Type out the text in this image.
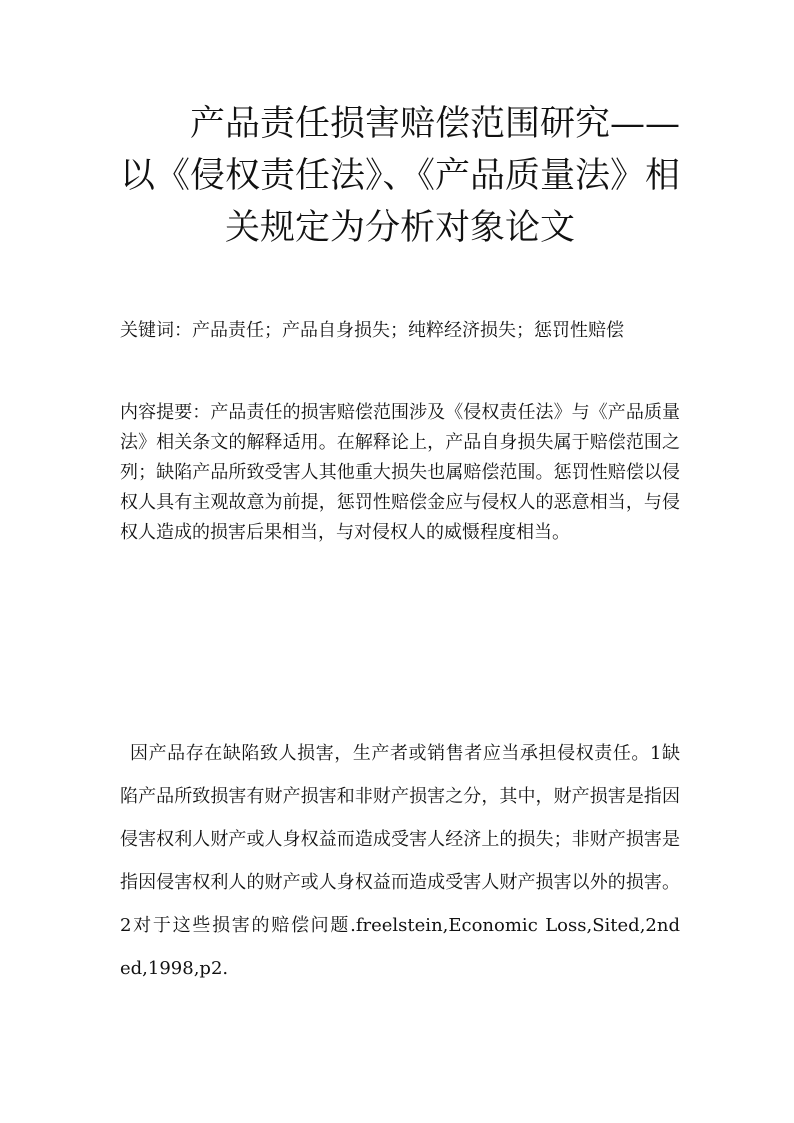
　　产品责任损害赔偿范围研究——以《侵权责任法》、《产品质量法》相关规定为分析对象论文

关键词：产品责任；产品自身损失；纯粹经济损失；惩罚性赔偿

内容提要：产品责任的损害赔偿范围涉及《侵权责任法》与《产品质量法》相关条文的解释适用。在解释论上，产品自身损失属于赔偿范围之列；缺陷产品所致受害人其他重大损失也属赔偿范围。惩罚性赔偿以侵权人具有主观故意为前提，惩罚性赔偿金应与侵权人的恶意相当，与侵权人造成的损害后果相当，与对侵权人的威慑程度相当。

因产品存在缺陷致人损害，生产者或销售者应当承担侵权责任。1缺陷产品所致损害有财产损害和非财产损害之分，其中，财产损害是指因侵害权利人财产或人身权益而造成受害人经济上的损失；非财产损害是指因侵害权利人的财产或人身权益而造成受害人财产损害以外的损害。2对于这些损害的赔偿问题.freelstein,Economic Loss,Sited,2nd ed,1998,p2.
